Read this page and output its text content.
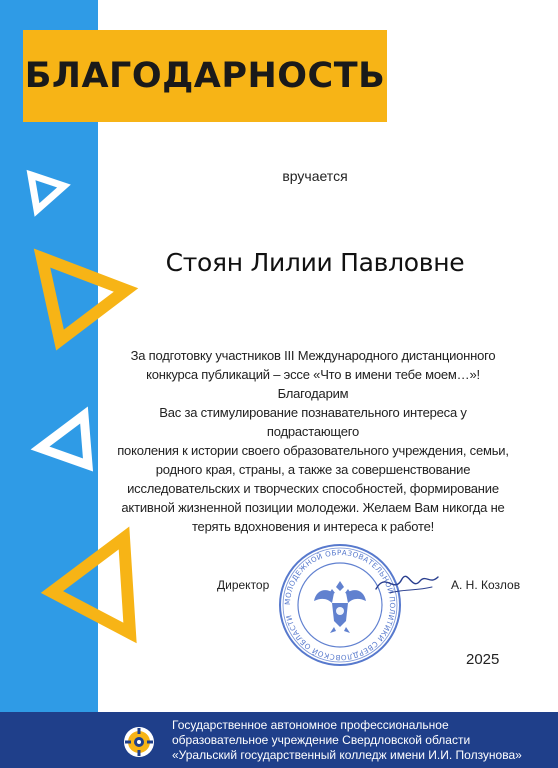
БЛАГОДАРНОСТЬ
вручается
Стоян Лилии Павловне
За подготовку участников III Международного дистанционного
конкурса публикаций – эссе «Что в имени тебе моем…»! Благодарим
Вас за стимулирование познавательного интереса у подрастающего
поколения к истории своего образовательного учреждения, семьи,
родного края, страны, а также за совершенствование
исследовательских и творческих способностей, формирование
активной жизненной позиции молодежи. Желаем Вам никогда не
терять вдохновения и интереса к работе!
МОЛОДЕЖНОЙ ОБРАЗОВАТЕЛЬНОЙ ПОЛИТИКИ СВЕРДЛОВСКОЙ ОБЛАСТИ
Директор	А. Н. Козлов
2025
Государственное автономное профессиональное
образовательное учреждение Свердловской области
«Уральский государственный колледж имени И.И. Ползунова»
